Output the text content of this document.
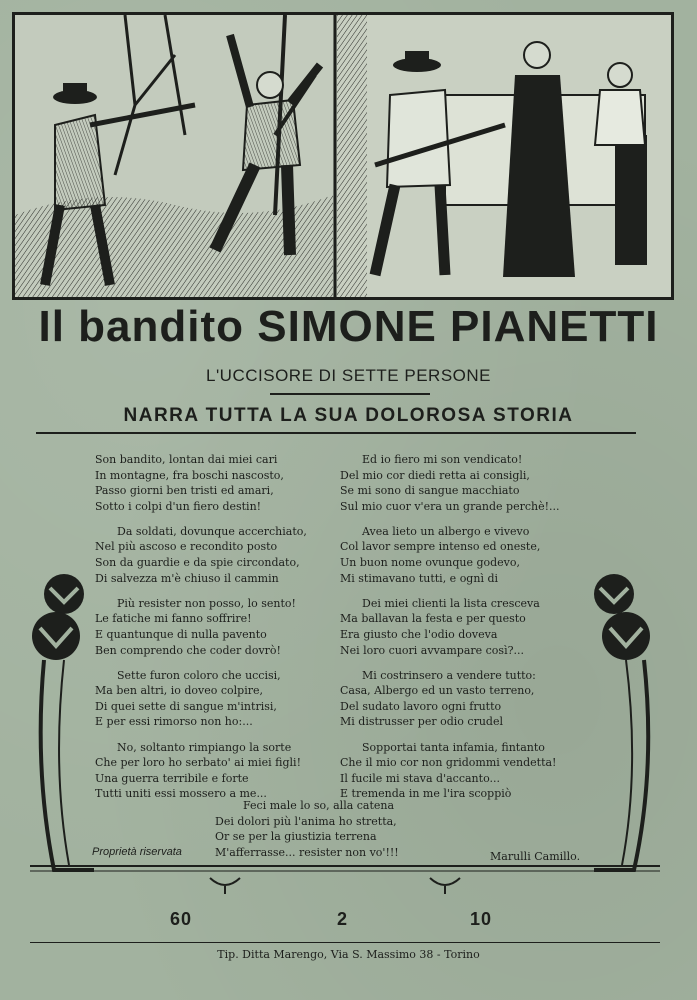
Il bandito SIMONE PIANETTI
L'UCCISORE DI SETTE PERSONE
NARRA TUTTA LA SUA DOLOROSA STORIA

Son bandito, lontan dai miei cari

In montagne, fra boschi nascosto,

Passo giorni ben tristi ed amari,

Sotto i colpi d'un fiero destin!

Da soldati, dovunque accerchiato,

Nel più ascoso e recondito posto

Son da guardie e da spie circondato,

Di salvezza m'è chiuso il cammin

Più resister non posso, lo sento!

Le fatiche mi fanno soffrire!

E quantunque di nulla pavento

Ben comprendo che coder dovrò!

Sette furon coloro che uccisi,

Ma ben altri, io doveo colpire,

Di quei sette di sangue m'intrisi,

E per essi rimorso non ho:...

No, soltanto rimpiango la sorte

Che per loro ho serbato' ai miei figli!

Una guerra terribile e forte

Tutti uniti essi mossero a me...

Ed io fiero mi son vendicato!

Del mio cor diedi retta ai consigli,

Se mi sono di sangue macchiato

Sul mio cuor v'era un grande perchè!...

Avea lieto un albergo e vivevo

Col lavor sempre intenso ed oneste,

Un buon nome ovunque godevo,

Mi stimavano tutti, e ognì di

Dei miei clienti la lista cresceva

Ma ballavan la festa e per questo

Era giusto che l'odio doveva

Nei loro cuori avvampare così?...

Mi costrinsero a vendere tutto:

Casa, Albergo ed un vasto terreno,

Del sudato lavoro ogni frutto

Mi distrusser per odio crudel

Sopportai tanta infamia, fintanto

Che il mio cor non gridommi vendetta!

Il fucile mi stava d'accanto...

E tremenda in me l'ira scoppiò

Feci male lo so, alla catena

Dei dolori più l'anima ho stretta,

Or se per la giustizia terrena

M'afferrasse... resister non vo'!!!

Proprietà riservata	Marulli Camillo.
60	2	10
Tip. Ditta Marengo, Via S. Massimo 38 - Torino
